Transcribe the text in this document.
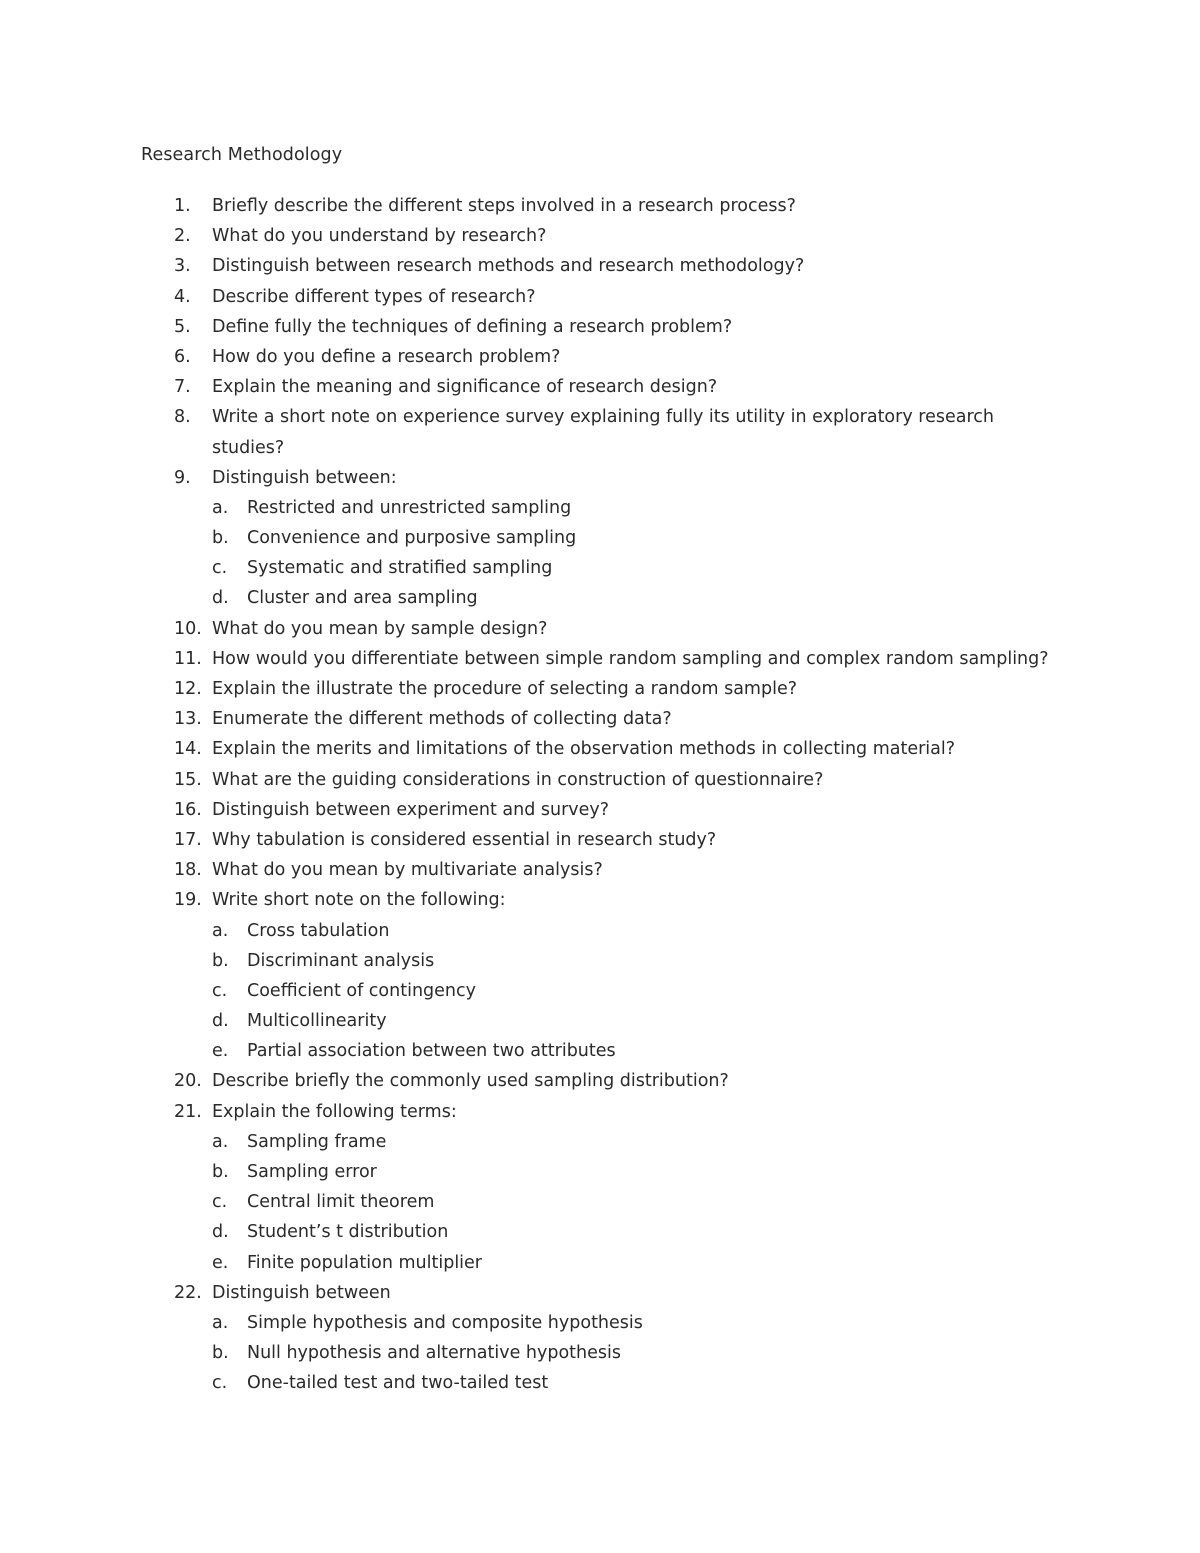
Research Methodology
1. Briefly describe the different steps involved in a research process?
2. What do you understand by research?
3. Distinguish between research methods and research methodology?
4. Describe different types of research?
5. Define fully the techniques of defining a research problem?
6. How do you define a research problem?
7. Explain the meaning and significance of research design?
8. Write a short note on experience survey explaining fully its utility in exploratory research
studies?
9. Distinguish between:
a. Restricted and unrestricted sampling
b. Convenience and purposive sampling
c. Systematic and stratified sampling
d. Cluster and area sampling
10. What do you mean by sample design?
11. How would you differentiate between simple random sampling and complex random sampling?
12. Explain the illustrate the procedure of selecting a random sample?
13. Enumerate the different methods of collecting data?
14. Explain the merits and limitations of the observation methods in collecting material?
15. What are the guiding considerations in construction of questionnaire?
16. Distinguish between experiment and survey?
17. Why tabulation is considered essential in research study?
18. What do you mean by multivariate analysis?
19. Write short note on the following:
a. Cross tabulation
b. Discriminant analysis
c. Coefficient of contingency
d. Multicollinearity
e. Partial association between two attributes
20. Describe briefly the commonly used sampling distribution?
21. Explain the following terms:
a. Sampling frame
b. Sampling error
c. Central limit theorem
d. Student’s t distribution
e. Finite population multiplier
22. Distinguish between
a. Simple hypothesis and composite hypothesis
b. Null hypothesis and alternative hypothesis
c. One-tailed test and two-tailed test
